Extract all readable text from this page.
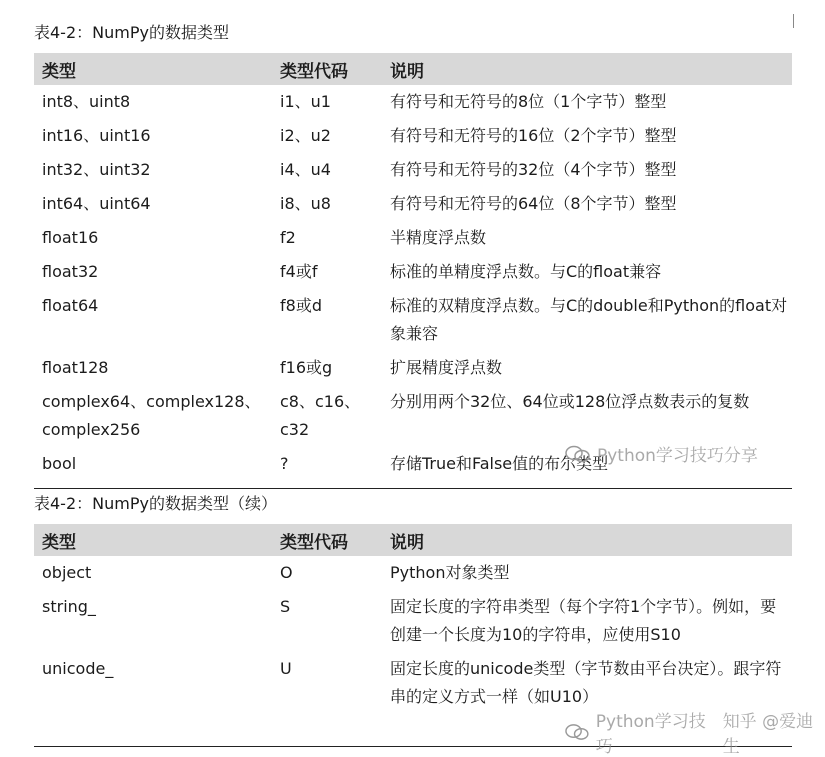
表4-2：NumPy的数据类型
类型	类型代码	说明
int8、uint8	i1、u1	有符号和无符号的8位（1个字节）整型
int16、uint16	i2、u2	有符号和无符号的16位（2个字节）整型
int32、uint32	i4、u4	有符号和无符号的32位（4个字节）整型
int64、uint64	i8、u8	有符号和无符号的64位（8个字节）整型
float16	f2	半精度浮点数
float32	f4或f	标准的单精度浮点数。与C的float兼容
float64	f8或d	标准的双精度浮点数。与C的double和Python的float对象兼容
float128	f16或g	扩展精度浮点数
complex64、complex128、complex256	c8、c16、c32	分别用两个32位、64位或128位浮点数表示的复数
bool	?	存储True和False值的布尔类型
表4-2：NumPy的数据类型（续）
类型	类型代码	说明
object	O	Python对象类型
string_	S	固定长度的字符串类型（每个字符1个字节）。例如，要创建一个长度为10的字符串，应使用S10
unicode_	U	固定长度的unicode类型（字节数由平台决定）。跟字符串的定义方式一样（如U10）
Python学习技巧分享
Python学习技巧
知乎 @爱迪生
